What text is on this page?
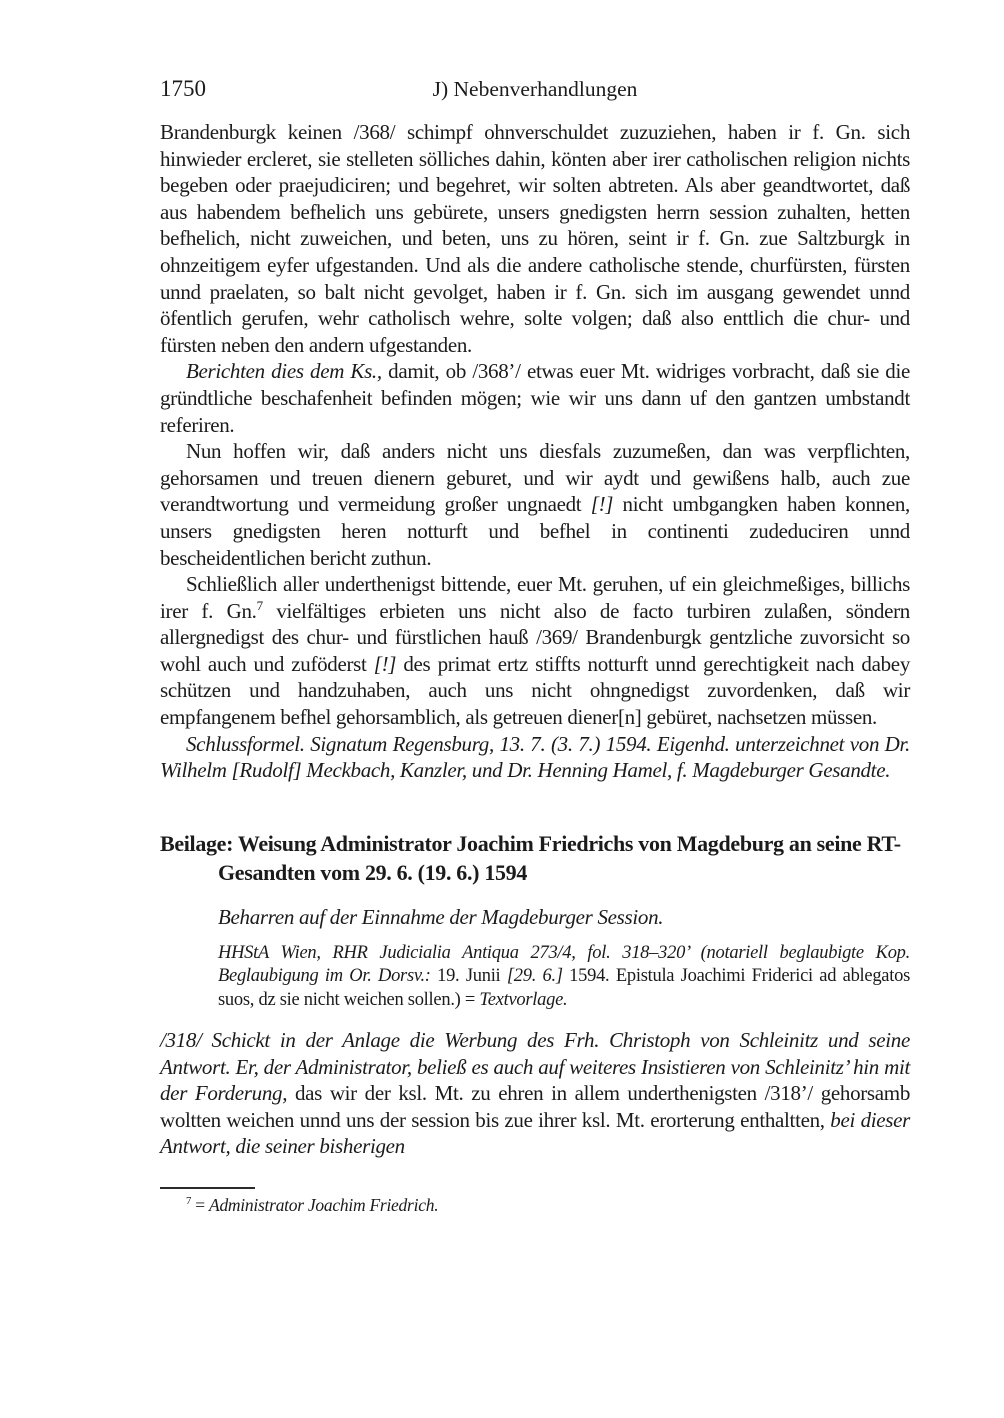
1750	J) Nebenverhandlungen

Brandenburgk keinen /368/ schimpf ohnverschuldet zuzuziehen, haben ir f. Gn. sich hinwieder ercleret, sie stelleten sölliches dahin, könten aber irer catholischen religion nichts begeben oder praejudiciren; und begehret, wir solten abtreten. Als aber geandtwortet, daß aus habendem befhelich uns gebürete, unsers gnedigsten herrn session zuhalten, hetten befhelich, nicht zuweichen, und beten, uns zu hören, seint ir f. Gn. zue Saltzburgk in ohnzeitigem eyfer ufgestanden. Und als die andere catholische stende, churfürsten, fürsten unnd praelaten, so balt nicht gevolget, haben ir f. Gn. sich im ausgang gewendet unnd öfentlich gerufen, wehr catholisch wehre, solte volgen; daß also enttlich die chur- und fürsten neben den andern ufgestanden.

Berichten dies dem Ks., damit, ob /368’/ etwas euer Mt. widriges vorbracht, daß sie die gründtliche beschafenheit befinden mögen; wie wir uns dann uf den gantzen umbstandt referiren.

Nun hoffen wir, daß anders nicht uns diesfals zuzumeßen, dan was verpflichten, gehorsamen und treuen dienern geburet, und wir aydt und gewißens halb, auch zue verandtwortung und vermeidung großer ungnaedt [!] nicht umbgangken haben konnen, unsers gnedigsten heren notturft und befhel in continenti zudeduciren unnd bescheidentlichen bericht zuthun.

Schließlich aller underthenigst bittende, euer Mt. geruhen, uf ein gleichmeßiges, billichs irer f. Gn.$^7$ vielfältiges erbieten uns nicht also de facto turbiren zulaßen, söndern allergnedigst des chur- und fürstlichen hauß /369/ Brandenburgk gentzliche zuvorsicht so wohl auch und zuföderst [!] des primat ertz stiffts notturft unnd gerechtigkeit nach dabey schützen und handzuhaben, auch uns nicht ohngnedigst zuvordenken, daß wir empfangenem befhel gehorsamblich, als getreuen diener[n] gebüret, nachsetzen müssen.

Schlussformel. Signatum Regensburg, 13. 7. (3. 7.) 1594. Eigenhd. unterzeichnet von Dr. Wilhelm [Rudolf] Meckbach, Kanzler, und Dr. Henning Hamel, f. Magdeburger Gesandte.

Beilage: Weisung Administrator Joachim Friedrichs von Magdeburg an seine RT-Gesandten vom 29. 6. (19. 6.) 1594

Beharren auf der Einnahme der Magdeburger Session.

HHStA Wien, RHR Judicialia Antiqua 273/4, fol. 318–320’ (notariell beglaubigte Kop. Beglaubigung im Or. Dorsv.: 19. Junii [29. 6.] 1594. Epistula Joachimi Friderici ad ablegatos suos, dz sie nicht weichen sollen.) = Textvorlage.

/318/ Schickt in der Anlage die Werbung des Frh. Christoph von Schleinitz und seine Antwort. Er, der Administrator, beließ es auch auf weiteres Insistieren von Schleinitz’ hin mit der Forderung, das wir der ksl. Mt. zu ehren in allem underthenigsten /318’/ gehorsamb woltten weichen unnd uns der session bis zue ihrer ksl. Mt. erorterung enthaltten, bei dieser Antwort, die seiner bisherigen

$^7$ = Administrator Joachim Friedrich.
